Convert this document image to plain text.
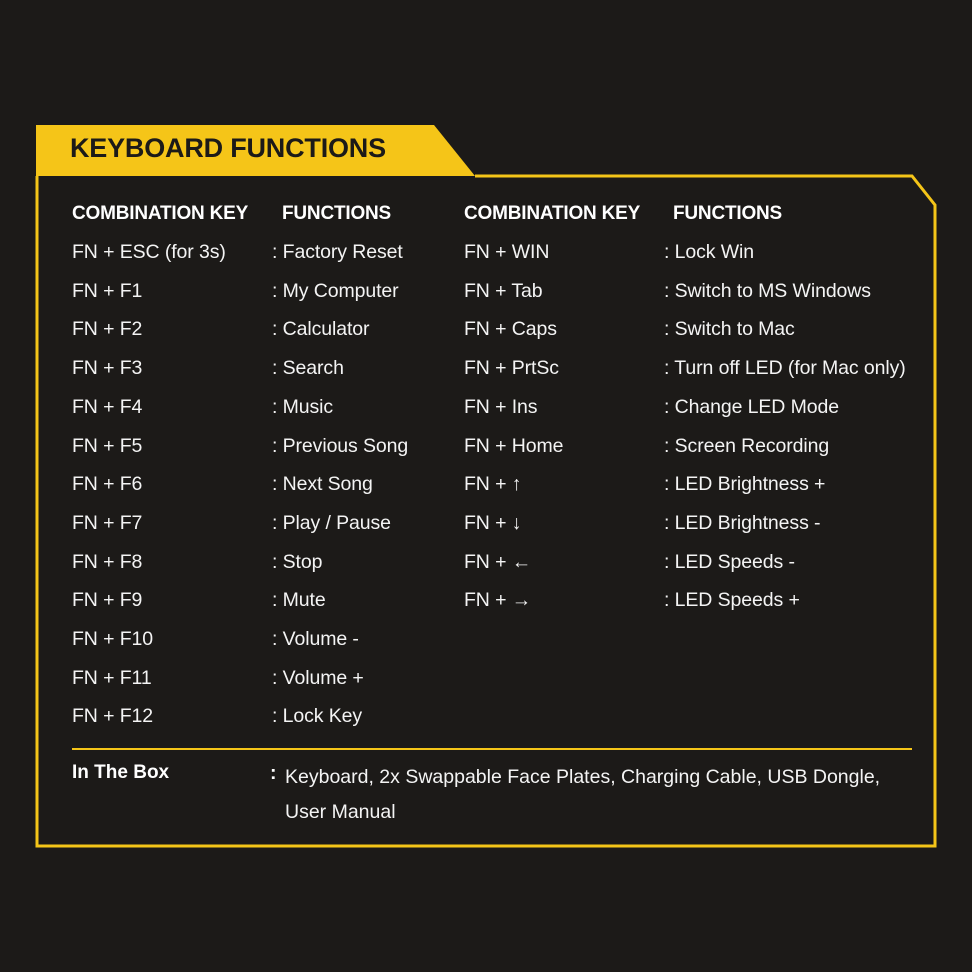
KEYBOARD FUNCTIONS
COMBINATION KEY FUNCTIONS
FN + ESC (for 3s) : Factory Reset
FN + F1	: My Computer
FN + F2	: Calculator
FN + F3	: Search
FN + F4	: Music
FN + F5	: Previous Song
FN + F6	: Next Song
FN + F7	: Play / Pause
FN + F8	: Stop
FN + F9	: Mute
FN + F10	: Volume -
FN + F11	: Volume +
FN + F12	: Lock Key
COMBINATION KEY FUNCTIONS
FN + WIN	: Lock Win
FN + Tab	: Switch to MS Windows
FN + Caps	: Switch to Mac
FN + PrtSc	: Turn off LED (for Mac only)
FN + Ins	: Change LED Mode
FN + Home	: Screen Recording
FN + ↑	: LED Brightness +
FN + ↓	: LED Brightness -
FN + ←	: LED Speeds -
FN + →	: LED Speeds +
In The Box	: Keyboard, 2x Swappable Face Plates, Charging Cable, USB Dongle, User Manual
